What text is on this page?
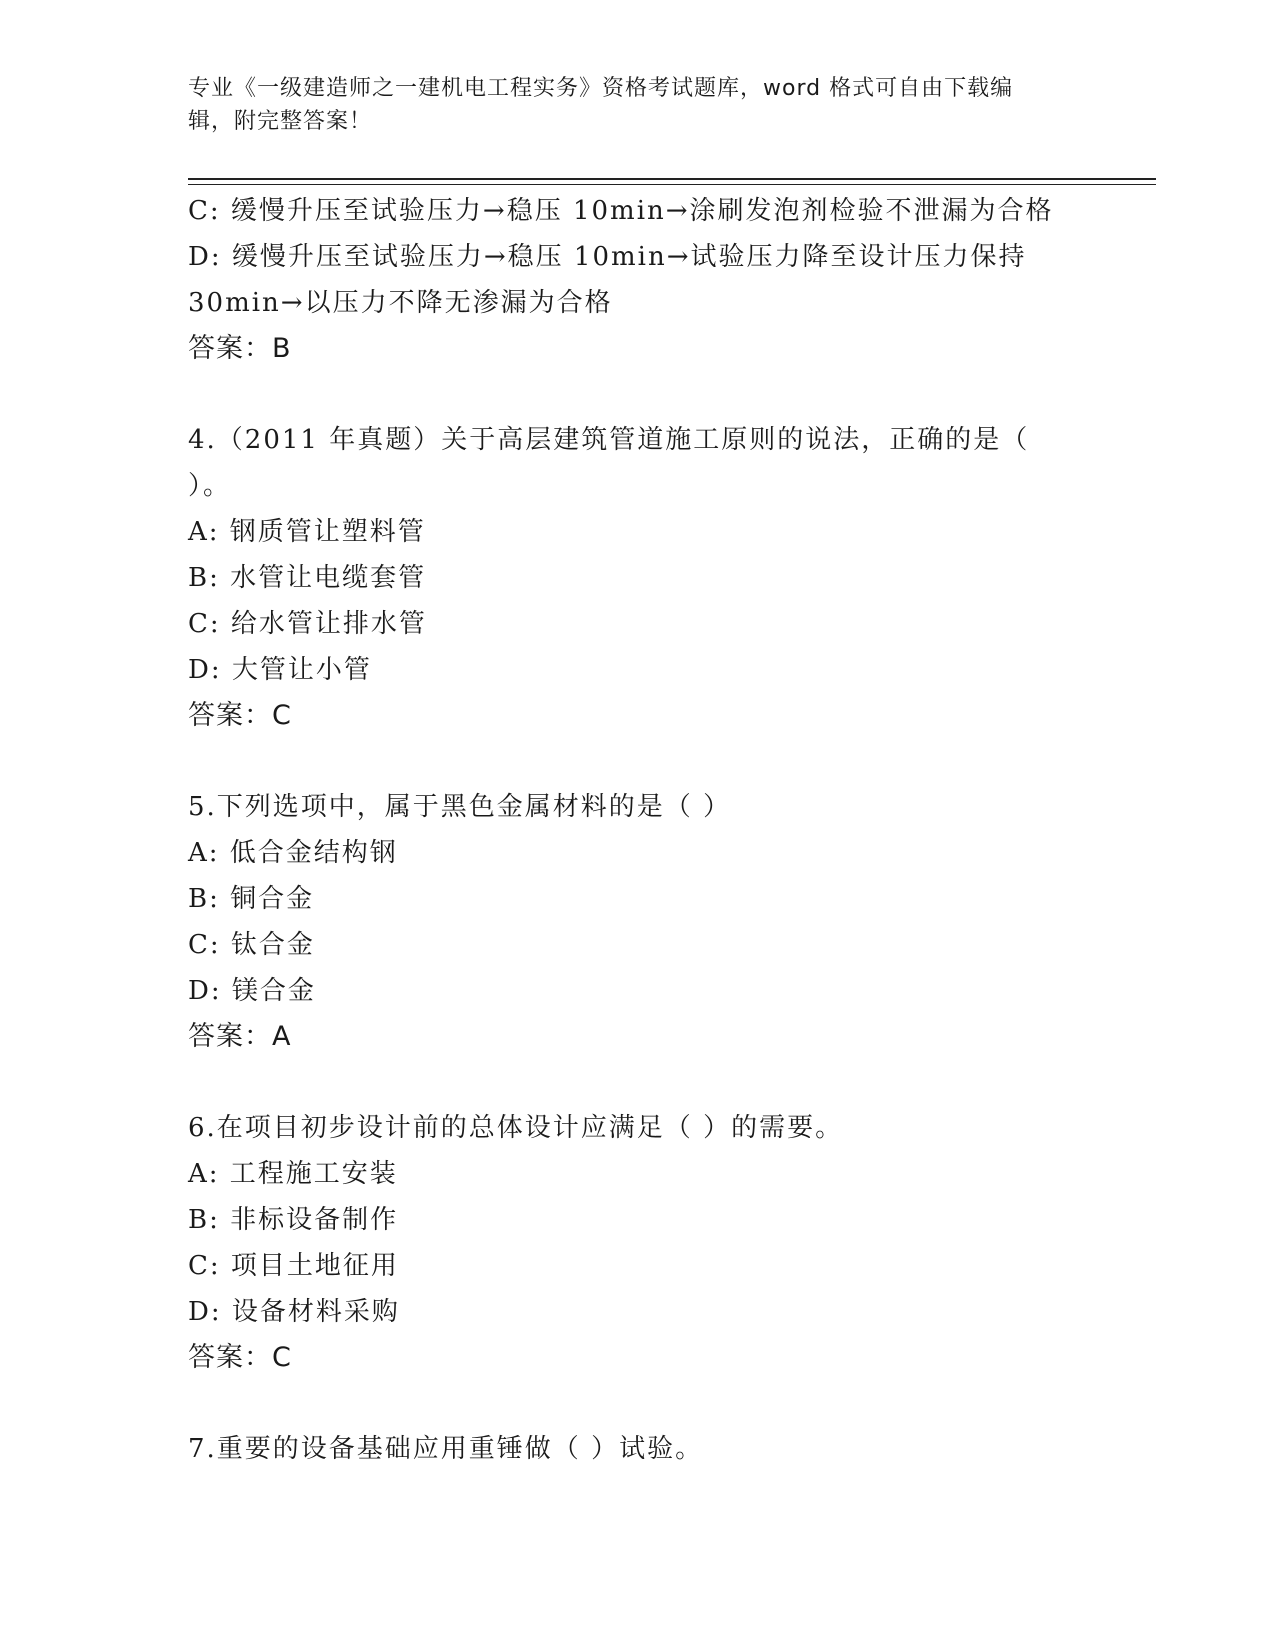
专业《一级建造师之一建机电工程实务》资格考试题库，word 格式可自由下载编
辑，附完整答案！
C: 缓慢升压至试验压力→稳压 10min→涂刷发泡剂检验不泄漏为合格
D: 缓慢升压至试验压力→稳压 10min→试验压力降至设计压力保持
30min→以压力不降无渗漏为合格
答案：B
4.（2011 年真题）关于高层建筑管道施工原则的说法，正确的是（
）。
A: 钢质管让塑料管
B: 水管让电缆套管
C: 给水管让排水管
D: 大管让小管
答案：C
5.下列选项中，属于黑色金属材料的是（ ）
A: 低合金结构钢
B: 铜合金
C: 钛合金
D: 镁合金
答案：A
6.在项目初步设计前的总体设计应满足（ ）的需要。
A: 工程施工安装
B: 非标设备制作
C: 项目土地征用
D: 设备材料采购
答案：C
7.重要的设备基础应用重锤做（ ）试验。
